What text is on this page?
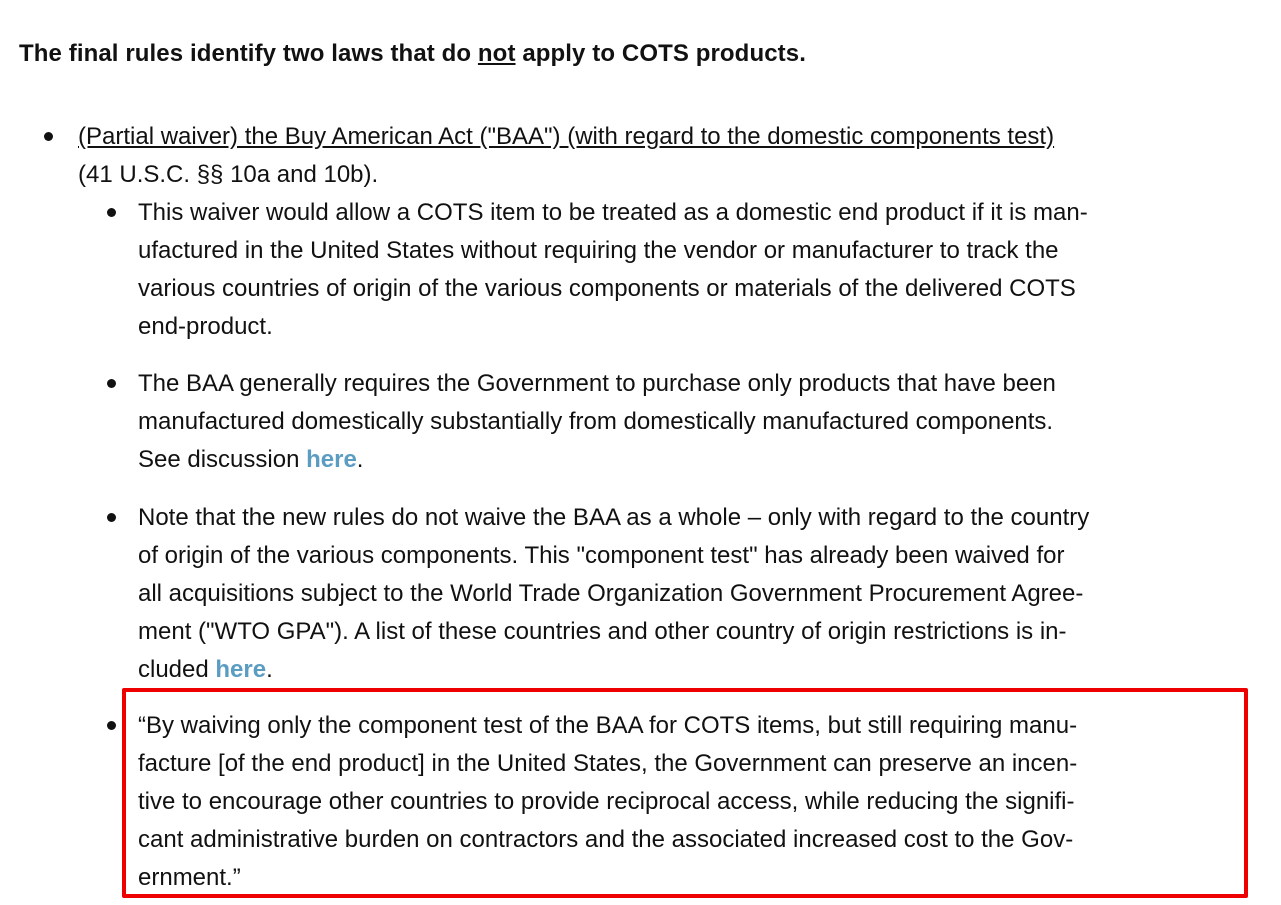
The final rules identify two laws that do not apply to COTS products.

(Partial waiver) the Buy American Act ("BAA") (with regard to the domestic components test)
(41 U.S.C. §§ 10a and 10b).

This waiver would allow a COTS item to be treated as a domestic end product if it is man-
ufactured in the United States without requiring the vendor or manufacturer to track the
various countries of origin of the various components or materials of the delivered COTS
end-product.

The BAA generally requires the Government to purchase only products that have been
manufactured domestically substantially from domestically manufactured components.
See discussion here.

Note that the new rules do not waive the BAA as a whole – only with regard to the country
of origin of the various components. This "component test" has already been waived for
all acquisitions subject to the World Trade Organization Government Procurement Agree-
ment ("WTO GPA"). A list of these countries and other country of origin restrictions is in-
cluded here.

“By waiving only the component test of the BAA for COTS items, but still requiring manu-
facture [of the end product] in the United States, the Government can preserve an incen-
tive to encourage other countries to provide reciprocal access, while reducing the signifi-
cant administrative burden on contractors and the associated increased cost to the Gov-
ernment.”
